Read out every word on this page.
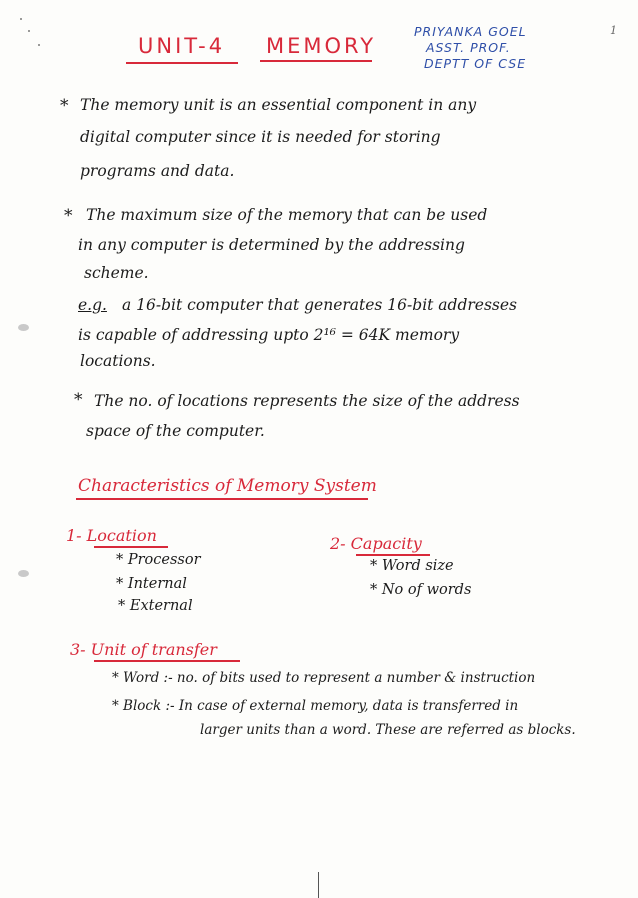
UNIT-4 MEMORY
PRIYANKA GOEL
ASST. PROF.
DEPTT OF CSE
1
* The memory unit is an essential component in any
digital computer since it is needed for storing
programs and data.
* The maximum size of the memory that can be used
in any computer is determined by the addressing
scheme.
e.g. a 16-bit computer that generates 16-bit addresses
is capable of addressing upto 2¹⁶ = 64K memory
locations.
* The no. of locations represents the size of the address
space of the computer.
Characteristics of Memory System
1- Location
* Processor
* Internal
* External
2- Capacity
* Word size
* No of words
3- Unit of transfer
* Word :- no. of bits used to represent a number & instruction
* Block :- In case of external memory, data is transferred in
larger units than a word. These are referred as blocks.
